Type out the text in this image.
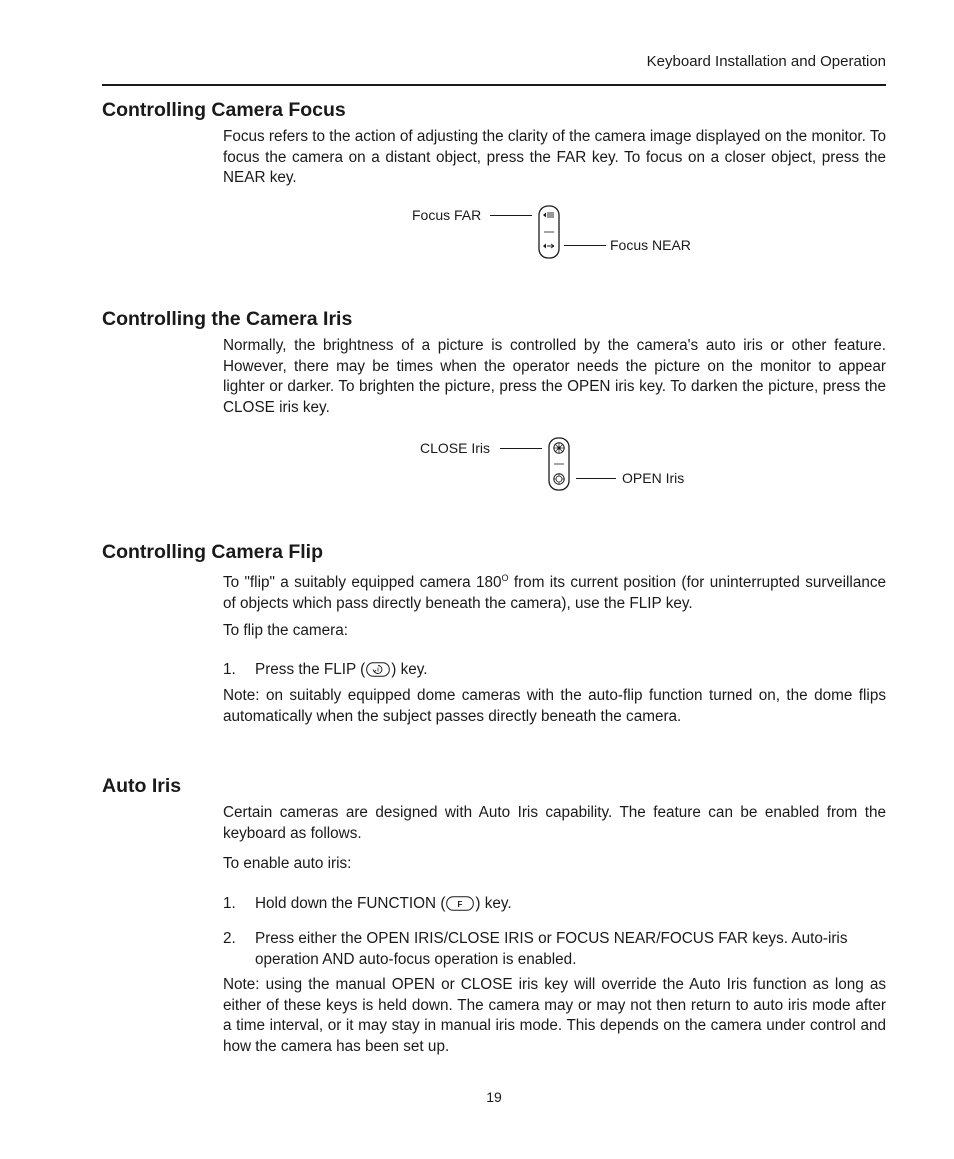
Keyboard Installation and Operation
Controlling Camera Focus

Focus refers to the action of adjusting the clarity of the camera image displayed on the monitor. To focus the camera on a distant object, press the FAR key. To focus on a closer object, press the NEAR key.

Focus FAR
Focus NEAR
Controlling the Camera Iris

Normally, the brightness of a picture is controlled by the camera's auto iris or other feature. However, there may be times when the operator needs the picture on the monitor to appear lighter or darker. To brighten the picture, press the OPEN iris key. To darken the picture, press the CLOSE iris key.

CLOSE Iris
OPEN Iris
Controlling Camera Flip

To "flip" a suitably equipped camera $180^O$ from its current position (for uninterrupted surveillance of objects which pass directly beneath the camera), use the FLIP key.

To flip the camera:

1. Press the FLIP ( ) key.

Note: on suitably equipped dome cameras with the auto-flip function turned on, the dome flips automatically when the subject passes directly beneath the camera.

Auto Iris

Certain cameras are designed with Auto Iris capability. The feature can be enabled from the keyboard as follows.

To enable auto iris:

1. Hold down the FUNCTION ( F ) key.
2. Press either the OPEN IRIS/CLOSE IRIS or FOCUS NEAR/FOCUS FAR keys. Auto-iris operation AND auto-focus operation is enabled.

Note: using the manual OPEN or CLOSE iris key will override the Auto Iris function as long as either of these keys is held down. The camera may or may not then return to auto iris mode after a time interval, or it may stay in manual iris mode. This depends on the camera under control and how the camera has been set up.

19
